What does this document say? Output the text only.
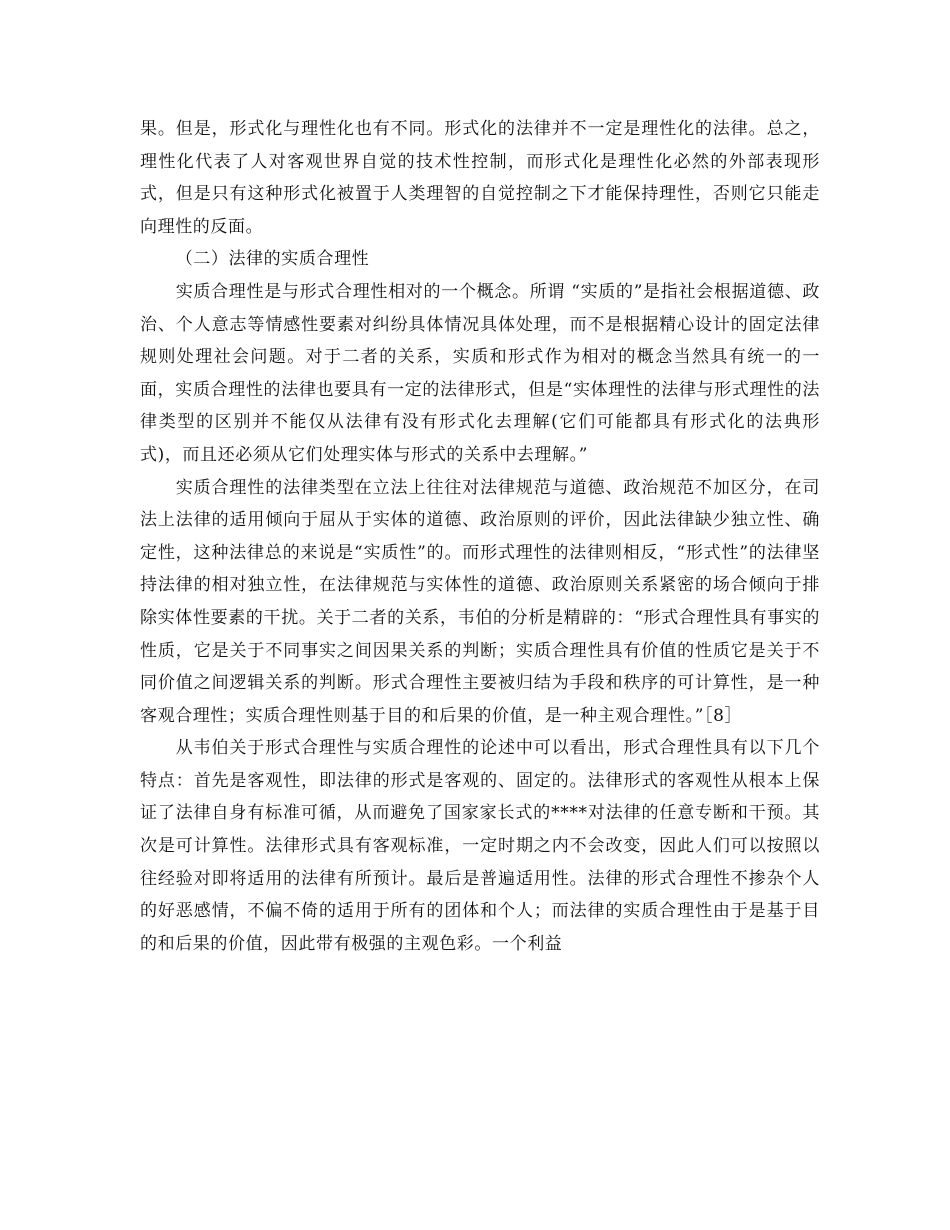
果。但是，形式化与理性化也有不同。形式化的法律并不一定是理性化的法律。总之，理性化代表了人对客观世界自觉的技术性控制，而形式化是理性化必然的外部表现形式，但是只有这种形式化被置于人类理智的自觉控制之下才能保持理性，否则它只能走向理性的反面。

（二）法律的实质合理性

实质合理性是与形式合理性相对的一个概念。所谓 “实质的”是指社会根据道德、政治、个人意志等情感性要素对纠纷具体情况具体处理，而不是根据精心设计的固定法律规则处理社会问题。对于二者的关系，实质和形式作为相对的概念当然具有统一的一面，实质合理性的法律也要具有一定的法律形式，但是“实体理性的法律与形式理性的法律类型的区别并不能仅从法律有没有形式化去理解(它们可能都具有形式化的法典形式)，而且还必须从它们处理实体与形式的关系中去理解。”

实质合理性的法律类型在立法上往往对法律规范与道德、政治规范不加区分，在司法上法律的适用倾向于屈从于实体的道德、政治原则的评价，因此法律缺少独立性、确定性，这种法律总的来说是“实质性”的。而形式理性的法律则相反，“形式性”的法律坚持法律的相对独立性，在法律规范与实体性的道德、政治原则关系紧密的场合倾向于排除实体性要素的干扰。关于二者的关系，韦伯的分析是精辟的：“形式合理性具有事实的性质，它是关于不同事实之间因果关系的判断；实质合理性具有价值的性质它是关于不同价值之间逻辑关系的判断。形式合理性主要被归结为手段和秩序的可计算性，是一种客观合理性；实质合理性则基于目的和后果的价值，是一种主观合理性。”［8］

从韦伯关于形式合理性与实质合理性的论述中可以看出，形式合理性具有以下几个特点：首先是客观性，即法律的形式是客观的、固定的。法律形式的客观性从根本上保证了法律自身有标准可循，从而避免了国家家长式的****对法律的任意专断和干预。其次是可计算性。法律形式具有客观标准，一定时期之内不会改变，因此人们可以按照以往经验对即将适用的法律有所预计。最后是普遍适用性。法律的形式合理性不掺杂个人的好恶感情，不偏不倚的适用于所有的团体和个人；而法律的实质合理性由于是基于目的和后果的价值，因此带有极强的主观色彩。一个利益
